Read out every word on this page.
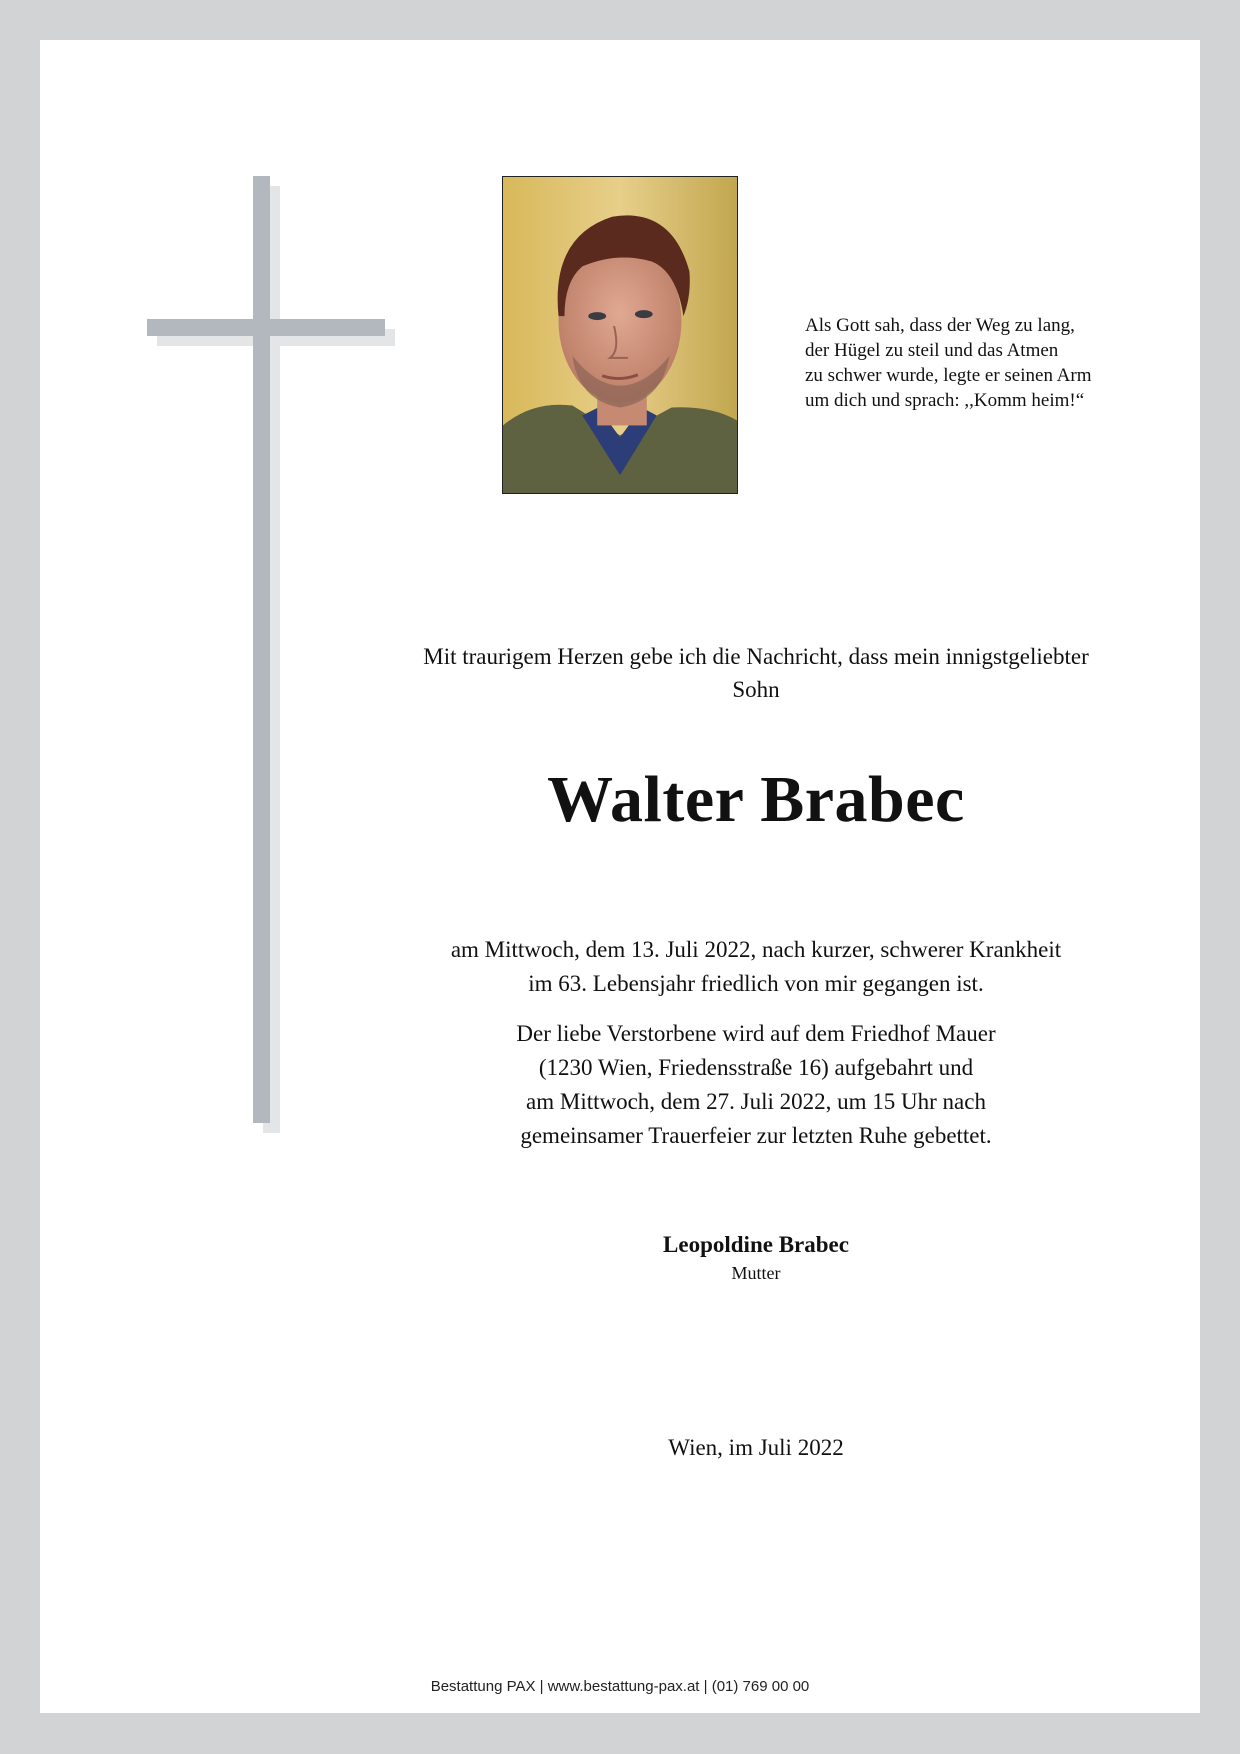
Als Gott sah, dass der Weg zu lang,
der Hügel zu steil und das Atmen
zu schwer wurde, legte er seinen Arm
um dich und sprach: ,,Komm heim!“
Mit traurigem Herzen gebe ich die Nachricht, dass mein innigstgeliebter
Sohn
Walter Brabec
am Mittwoch, dem 13. Juli 2022, nach kurzer, schwerer Krankheit
im 63. Lebensjahr friedlich von mir gegangen ist.
Der liebe Verstorbene wird auf dem Friedhof Mauer
(1230 Wien, Friedensstraße 16) aufgebahrt und
am Mittwoch, dem 27. Juli 2022, um 15 Uhr nach
gemeinsamer Trauerfeier zur letzten Ruhe gebettet.
Leopoldine Brabec
Mutter
Wien, im Juli 2022
Bestattung PAX | www.bestattung-pax.at | (01) 769 00 00
